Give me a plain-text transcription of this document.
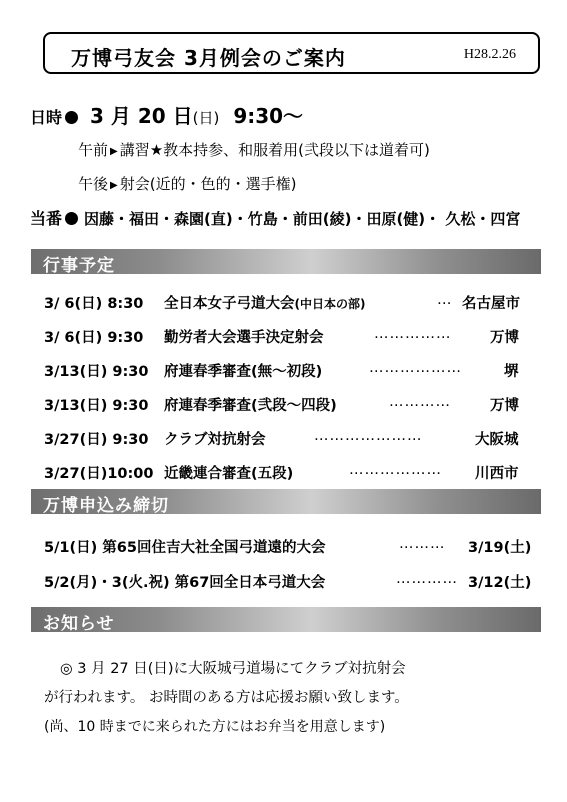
万博弓友会 3月例会のご案内	H28.2.26
日時 3 月 20 日(日) 9:30〜
午前 ▶ 講習★教本持参、和服着用(弐段以下は道着可)
午後 ▶ 射会(近的・色的・選手権)
当番 因藤・福田・森園(直)・竹島・前田(綾)・田原(健)・ 久松・四宮
行事予定
3/ 6(日) 8:30 全日本女子弓道大会(中日本の部)	… 名古屋市
3/ 6(日) 9:30 勤労者大会選手決定射会	……………	万博
3/13(日) 9:30 府連春季審査(無〜初段)	………………	堺
3/13(日) 9:30 府連春季審査(弐段〜四段)	…………	万博
3/27(日) 9:30 クラブ対抗射会	…………………	大阪城
3/27(日)10:00 近畿連合審査(五段)	……………… 川西市
万博申込み締切
5/1(日) 第65回住吉大社全国弓道遠的大会	……… 3/19(土)
5/2(月)・3(火.祝) 第67回全日本弓道大会	………… 3/12(土)
お知らせ
◎ 3 月 27 日(日)に大阪城弓道場にてクラブ対抗射会
が行われます。 お時間のある方は応援お願い致します。
(尚、10 時までに来られた方にはお弁当を用意します)
